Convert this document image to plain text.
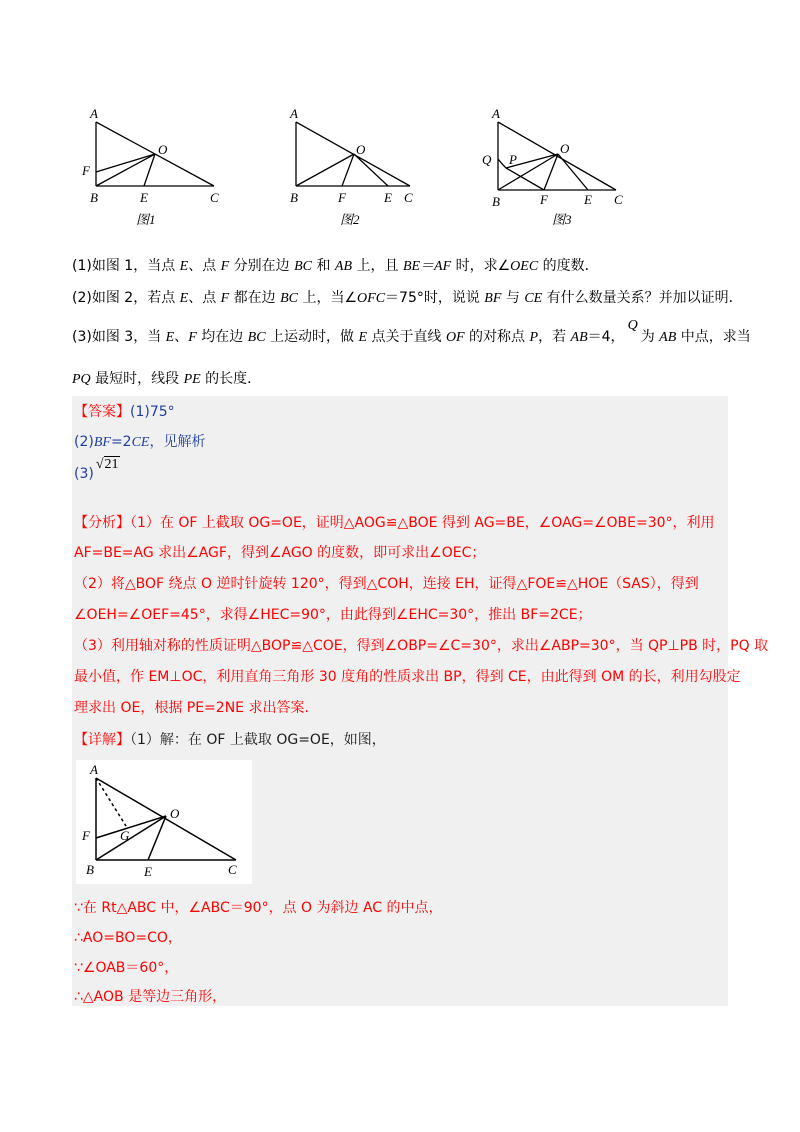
A
B	C
O
F
E
图1
A
B	C
O
F	E
图2
A
B	C
O
F	E
P
Q
图3
(1)如图 1，当点 E、点 F 分别在边 BC 和 AB 上，且 BE＝AF 时，求∠OEC 的度数．
(2)如图 2，若点 E、点 F 都在边 BC 上，当∠OFC＝75°时，说说 BF 与 CE 有什么数量关系？并加以证明．
(3)如图 3，当 E、F 均在边 BC 上运动时，做 E 点关于直线 OF 的对称点 P，若 AB＝4，Q为 AB 中点，求当
PQ 最短时，线段 PE 的长度．
【答案】(1)75°
(2)BF=2CE，见解析
(3)√21
【分析】（1）在 OF 上截取 OG=OE，证明△AOG≌△BOE 得到 AG=BE，∠OAG=∠OBE=30°，利用
AF=BE=AG 求出∠AGF，得到∠AGO 的度数，即可求出∠OEC；
（2）将△BOF 绕点 O 逆时针旋转 120°，得到△COH，连接 EH，证得△FOE≌△HOE（SAS），得到
∠OEH=∠OEF=45°，求得∠HEC=90°，由此得到∠EHC=30°，推出 BF=2CE；
（3）利用轴对称的性质证明△BOP≌△COE，得到∠OBP=∠C=30°，求出∠ABP=30°，当 QP⊥PB 时，PQ 取
最小值，作 EM⊥OC，利用直角三角形 30 度角的性质求出 BP，得到 CE，由此得到 OM 的长，利用勾股定
理求出 OE，根据 PE=2NE 求出答案.
【详解】（1）解：在 OF 上截取 OG=OE，如图，
A
B	C
O
F
E
G
∵在 Rt△ABC 中，∠ABC＝90°，点 O 为斜边 AC 的中点，
∴AO=BO=CO，
∵∠OAB＝60°，
∴△AOB 是等边三角形，
